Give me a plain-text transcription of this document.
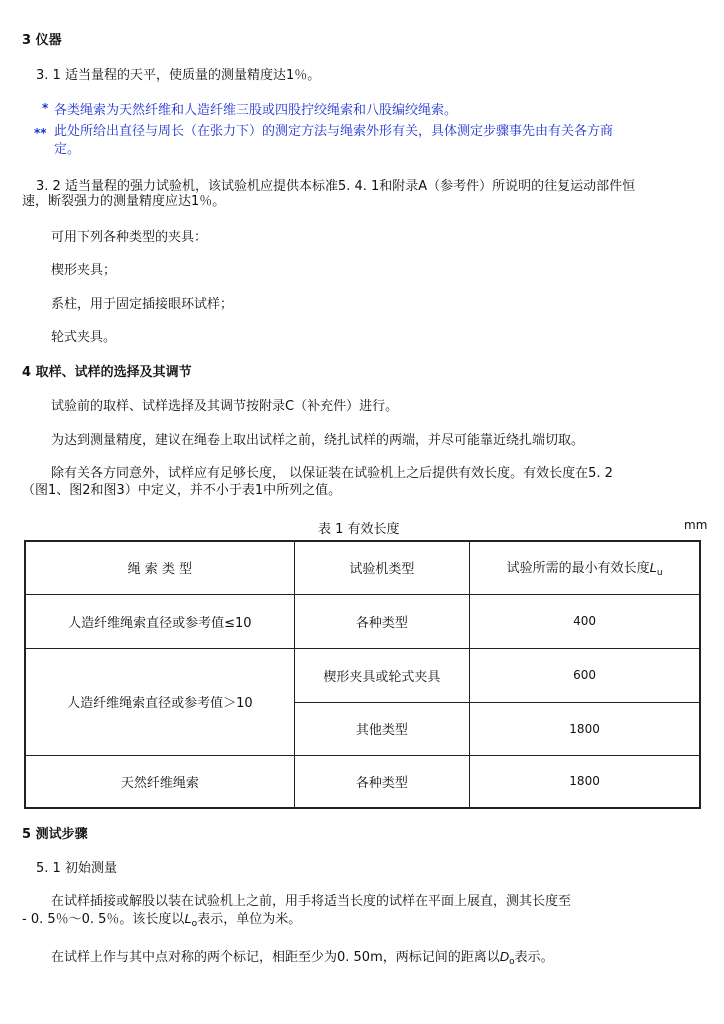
3 仪器
3. 1 适当量程的天平，使质量的测量精度达1％。
* 各类绳索为天然纤维和人造纤维三股或四股拧绞绳索和八股编绞绳索。
** 此处所给出直径与周长（在张力下）的测定方法与绳索外形有关，具体测定步骤事先由有关各方商
定。
3. 2 适当量程的强力试验机，该试验机应提供本标准5. 4. 1和附录A（参考件）所说明的往复运动部件恒
速，断裂强力的测量精度应达1％。
可用下列各种类型的夹具：
楔形夹具；
系柱，用于固定插接眼环试样；
轮式夹具。
4 取样、试样的选择及其调节
试验前的取样、试样选择及其调节按附录C（补充件）进行。
为达到测量精度，建议在绳卷上取出试样之前，绕扎试样的两端，并尽可能靠近绕扎端切取。
除有关各方同意外，试样应有足够长度， 以保证装在试验机上之后提供有效长度。有效长度在5. 2
（图1、图2和图3）中定义，并不小于表1中所列之值。
表 1 有效长度	mm
绳 索 类 型	试验机类型	试验所需的最小有效长度$L_u$
人造纤维绳索直径或参考值≤10	各种类型	400
人造纤维绳索直径或参考值＞10	楔形夹具或轮式夹具	600
	其他类型	1800
天然纤维绳索	各种类型	1800
5 测试步骤
5. 1 初始测量
在试样插接或解股以装在试验机上之前，用手将适当长度的试样在平面上展直，测其长度至
- 0. 5％～0. 5％。该长度以$L_o$表示，单位为米。
在试样上作与其中点对称的两个标记，相距至少为0. 50m，两标记间的距离以$D_o$表示。
